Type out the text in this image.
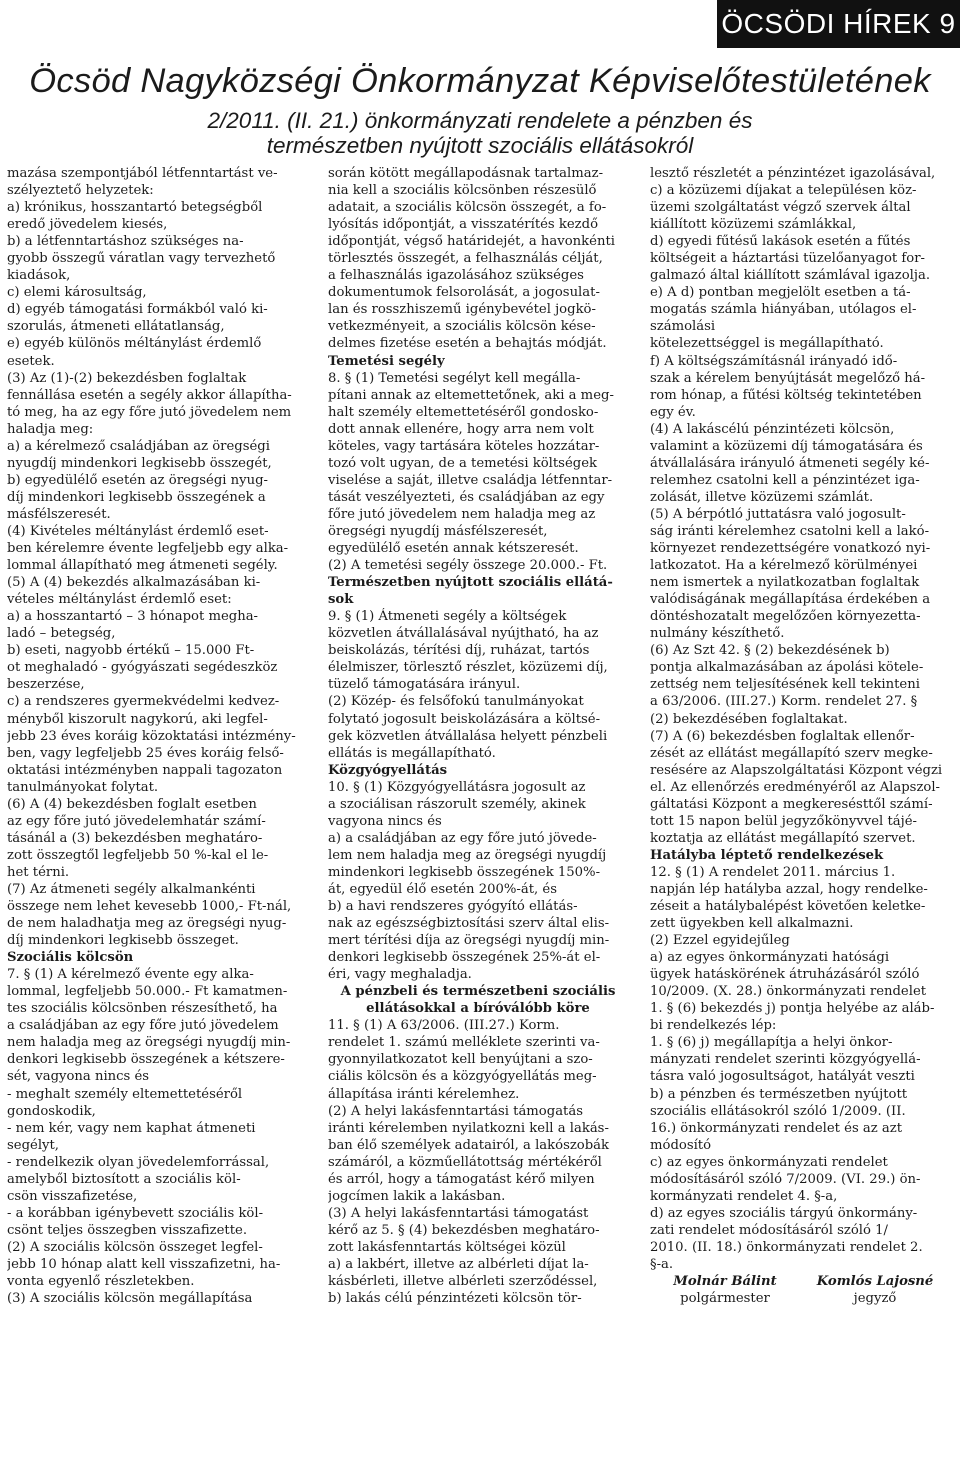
ÖCSÖDI HÍREK 9
Öcsöd Nagyközségi Önkormányzat Képviselőtestületének
2/2011. (II. 21.) önkormányzati rendelete a pénzben és
természetben nyújtott szociális ellátásokról
mazása szempontjából létfenntartást ve-
szélyeztető helyzetek:
a) krónikus, hosszantartó betegségből
eredő jövedelem kiesés,
b) a létfenntartáshoz szükséges na-
gyobb összegű váratlan vagy tervezhető
kiadások,
c) elemi károsultság,
d) egyéb támogatási formákból való ki-
szorulás, átmeneti ellátatlanság,
e) egyéb különös méltánylást érdemlő
esetek.
(3) Az (1)-(2) bekezdésben foglaltak
fennállása esetén a segély akkor állapítha-
tó meg, ha az egy főre jutó jövedelem nem
haladja meg:
a) a kérelmező családjában az öregségi
nyugdíj mindenkori legkisebb összegét,
b) egyedülélő esetén az öregségi nyug-
díj mindenkori legkisebb összegének a
másfélszeresét.
(4) Kivételes méltánylást érdemlő eset-
ben kérelemre évente legfeljebb egy alka-
lommal állapítható meg átmeneti segély.
(5) A (4) bekezdés alkalmazásában ki-
vételes méltánylást érdemlő eset:
a) a hosszantartó – 3 hónapot megha-
ladó – betegség,
b) eseti, nagyobb értékű – 15.000 Ft-
ot meghaladó - gyógyászati segédeszköz
beszerzése,
c) a rendszeres gyermekvédelmi kedvez-
ményből kiszorult nagykorú, aki legfel-
jebb 23 éves koráig közoktatási intézmény-
ben, vagy legfeljebb 25 éves koráig felső-
oktatási intézményben nappali tagozaton
tanulmányokat folytat.
(6) A (4) bekezdésben foglalt esetben
az egy főre jutó jövedelemhatár számí-
tásánál a (3) bekezdésben meghatáro-
zott összegtől legfeljebb 50 %-kal el le-
het térni.
(7) Az átmeneti segély alkalmankénti
összege nem lehet kevesebb 1000,- Ft-nál,
de nem haladhatja meg az öregségi nyug-
díj mindenkori legkisebb összeget.
Szociális kölcsön
7. § (1) A kérelmező évente egy alka-
lommal, legfeljebb 50.000.- Ft kamatmen-
tes szociális kölcsönben részesíthető, ha
a családjában az egy főre jutó jövedelem
nem haladja meg az öregségi nyugdíj min-
denkori legkisebb összegének a kétszere-
sét, vagyona nincs és
- meghalt személy eltemettetéséről
gondoskodik,
- nem kér, vagy nem kaphat átmeneti
segélyt,
- rendelkezik olyan jövedelemforrással,
amelyből biztosított a szociális köl-
csön visszafizetése,
- a korábban igénybevett szociális köl-
csönt teljes összegben visszafizette.
(2) A szociális kölcsön összeget legfel-
jebb 10 hónap alatt kell visszafizetni, ha-
vonta egyenlő részletekben.
(3) A szociális kölcsön megállapítása
során kötött megállapodásnak tartalmaz-
nia kell a szociális kölcsönben részesülő
adatait, a szociális kölcsön összegét, a fo-
lyósítás időpontját, a visszatérítés kezdő
időpontját, végső határidejét, a havonkénti
törlesztés összegét, a felhasználás célját,
a felhasználás igazolásához szükséges
dokumentumok felsorolását, a jogosulat-
lan és rosszhiszemű igénybevétel jogkö-
vetkezményeit, a szociális kölcsön kése-
delmes fizetése esetén a behajtás módját.
Temetési segély
8. § (1) Temetési segélyt kell megálla-
pítani annak az eltemettetőnek, aki a meg-
halt személy eltemettetéséről gondosko-
dott annak ellenére, hogy arra nem volt
köteles, vagy tartására köteles hozzátar-
tozó volt ugyan, de a temetési költségek
viselése a saját, illetve családja létfenntar-
tását veszélyezteti, és családjában az egy
főre jutó jövedelem nem haladja meg az
öregségi nyugdíj másfélszeresét,
egyedülélő esetén annak kétszeresét.
(2) A temetési segély összege 20.000.- Ft.
Természetben nyújtott szociális ellátá-
sok
9. § (1) Átmeneti segély a költségek
közvetlen átvállalásával nyújtható, ha az
beiskolázás, térítési díj, ruházat, tartós
élelmiszer, törlesztő részlet, közüzemi díj,
tüzelő támogatására irányul.
(2) Közép- és felsőfokú tanulmányokat
folytató jogosult beiskolázására a költsé-
gek közvetlen átvállalása helyett pénzbeli
ellátás is megállapítható.
Közgyógyellátás
10. § (1) Közgyógyellátásra jogosult az
a szociálisan rászorult személy, akinek
vagyona nincs és
a) a családjában az egy főre jutó jövede-
lem nem haladja meg az öregségi nyugdíj
mindenkori legkisebb összegének 150%-
át, egyedül élő esetén 200%-át, és
b) a havi rendszeres gyógyító ellátás-
nak az egészségbiztosítási szerv által elis-
mert térítési díja az öregségi nyugdíj min-
denkori legkisebb összegének 25%-át el-
éri, vagy meghaladja.
A pénzbeli és természetbeni szociális
ellátásokkal a bíróválóbb köre
11. § (1) A 63/2006. (III.27.) Korm.
rendelet 1. számú melléklete szerinti va-
gyonnyilatkozatot kell benyújtani a szo-
ciális kölcsön és a közgyógyellátás meg-
állapítása iránti kérelemhez.
(2) A helyi lakásfenntartási támogatás
iránti kérelemben nyilatkozni kell a lakás-
ban élő személyek adatairól, a lakószobák
számáról, a közműellátottság mértékéről
és arról, hogy a támogatást kérő milyen
jogcímen lakik a lakásban.
(3) A helyi lakásfenntartási támogatást
kérő az 5. § (4) bekezdésben meghatáro-
zott lakásfenntartás költségei közül
a) a lakbért, illetve az albérleti díjat la-
kásbérleti, illetve albérleti szerződéssel,
b) lakás célú pénzintézeti kölcsön tör-
lesztő részletét a pénzintézet igazolásával,
c) a közüzemi díjakat a településen köz-
üzemi szolgáltatást végző szervek által
kiállított közüzemi számlákkal,
d) egyedi fűtésű lakások esetén a fűtés
költségeit a háztartási tüzelőanyagot for-
galmazó által kiállított számlával igazolja.
e) A d) pontban megjelölt esetben a tá-
mogatás számla hiányában, utólagos el-
számolási
kötelezettséggel is megállapítható.
f) A költségszámításnál irányadó idő-
szak a kérelem benyújtását megelőző há-
rom hónap, a fűtési költség tekintetében
egy év.
(4) A lakáscélú pénzintézeti kölcsön,
valamint a közüzemi díj támogatására és
átvállalására irányuló átmeneti segély ké-
relemhez csatolni kell a pénzintézet iga-
zolását, illetve közüzemi számlát.
(5) A bérpótló juttatásra való jogosult-
ság iránti kérelemhez csatolni kell a lakó-
környezet rendezettségére vonatkozó nyi-
latkozatot. Ha a kérelmező körülményei
nem ismertek a nyilatkozatban foglaltak
valódiságának megállapítása érdekében a
döntéshozatalt megelőzően környezetta-
nulmány készíthető.
(6) Az Szt 42. § (2) bekezdésének b)
pontja alkalmazásában az ápolási kötele-
zettség nem teljesítésének kell tekinteni
a 63/2006. (III.27.) Korm. rendelet 27. §
(2) bekezdésében foglaltakat.
(7) A (6) bekezdésben foglaltak ellenőr-
zését az ellátást megállapító szerv megke-
resésére az Alapszolgáltatási Központ végzi
el. Az ellenőrzés eredményéről az Alapszol-
gáltatási Központ a megkeresésttől számí-
tott 15 napon belül jegyzőkönyvvel tájé-
koztatja az ellátást megállapító szervet.
Hatályba léptető rendelkezések
12. § (1) A rendelet 2011. március 1.
napján lép hatályba azzal, hogy rendelke-
zéseit a hatálybalépést követően keletke-
zett ügyekben kell alkalmazni.
(2) Ezzel egyidejűleg
a) az egyes önkormányzati hatósági
ügyek hatáskörének átruházásáról szóló
10/2009. (X. 28.) önkormányzati rendelet
1. § (6) bekezdés j) pontja helyébe az aláb-
bi rendelkezés lép:
1. § (6) j) megállapítja a helyi önkor-
mányzati rendelet szerinti közgyógyellá-
tásra való jogosultságot, hatályát veszti
b) a pénzben és természetben nyújtott
szociális ellátásokról szóló 1/2009. (II.
16.) önkormányzati rendelet és az azt
módosító
c) az egyes önkormányzati rendelet
módosításáról szóló 7/2009. (VI. 29.) ön-
kormányzati rendelet 4. §-a,
d) az egyes szociális tárgyú önkormány-
zati rendelet módosításáról szóló 1/
2010. (II. 18.) önkormányzati rendelet 2.
§-a.
Molnár Bálint	Komlós Lajosné
polgármester	jegyző
